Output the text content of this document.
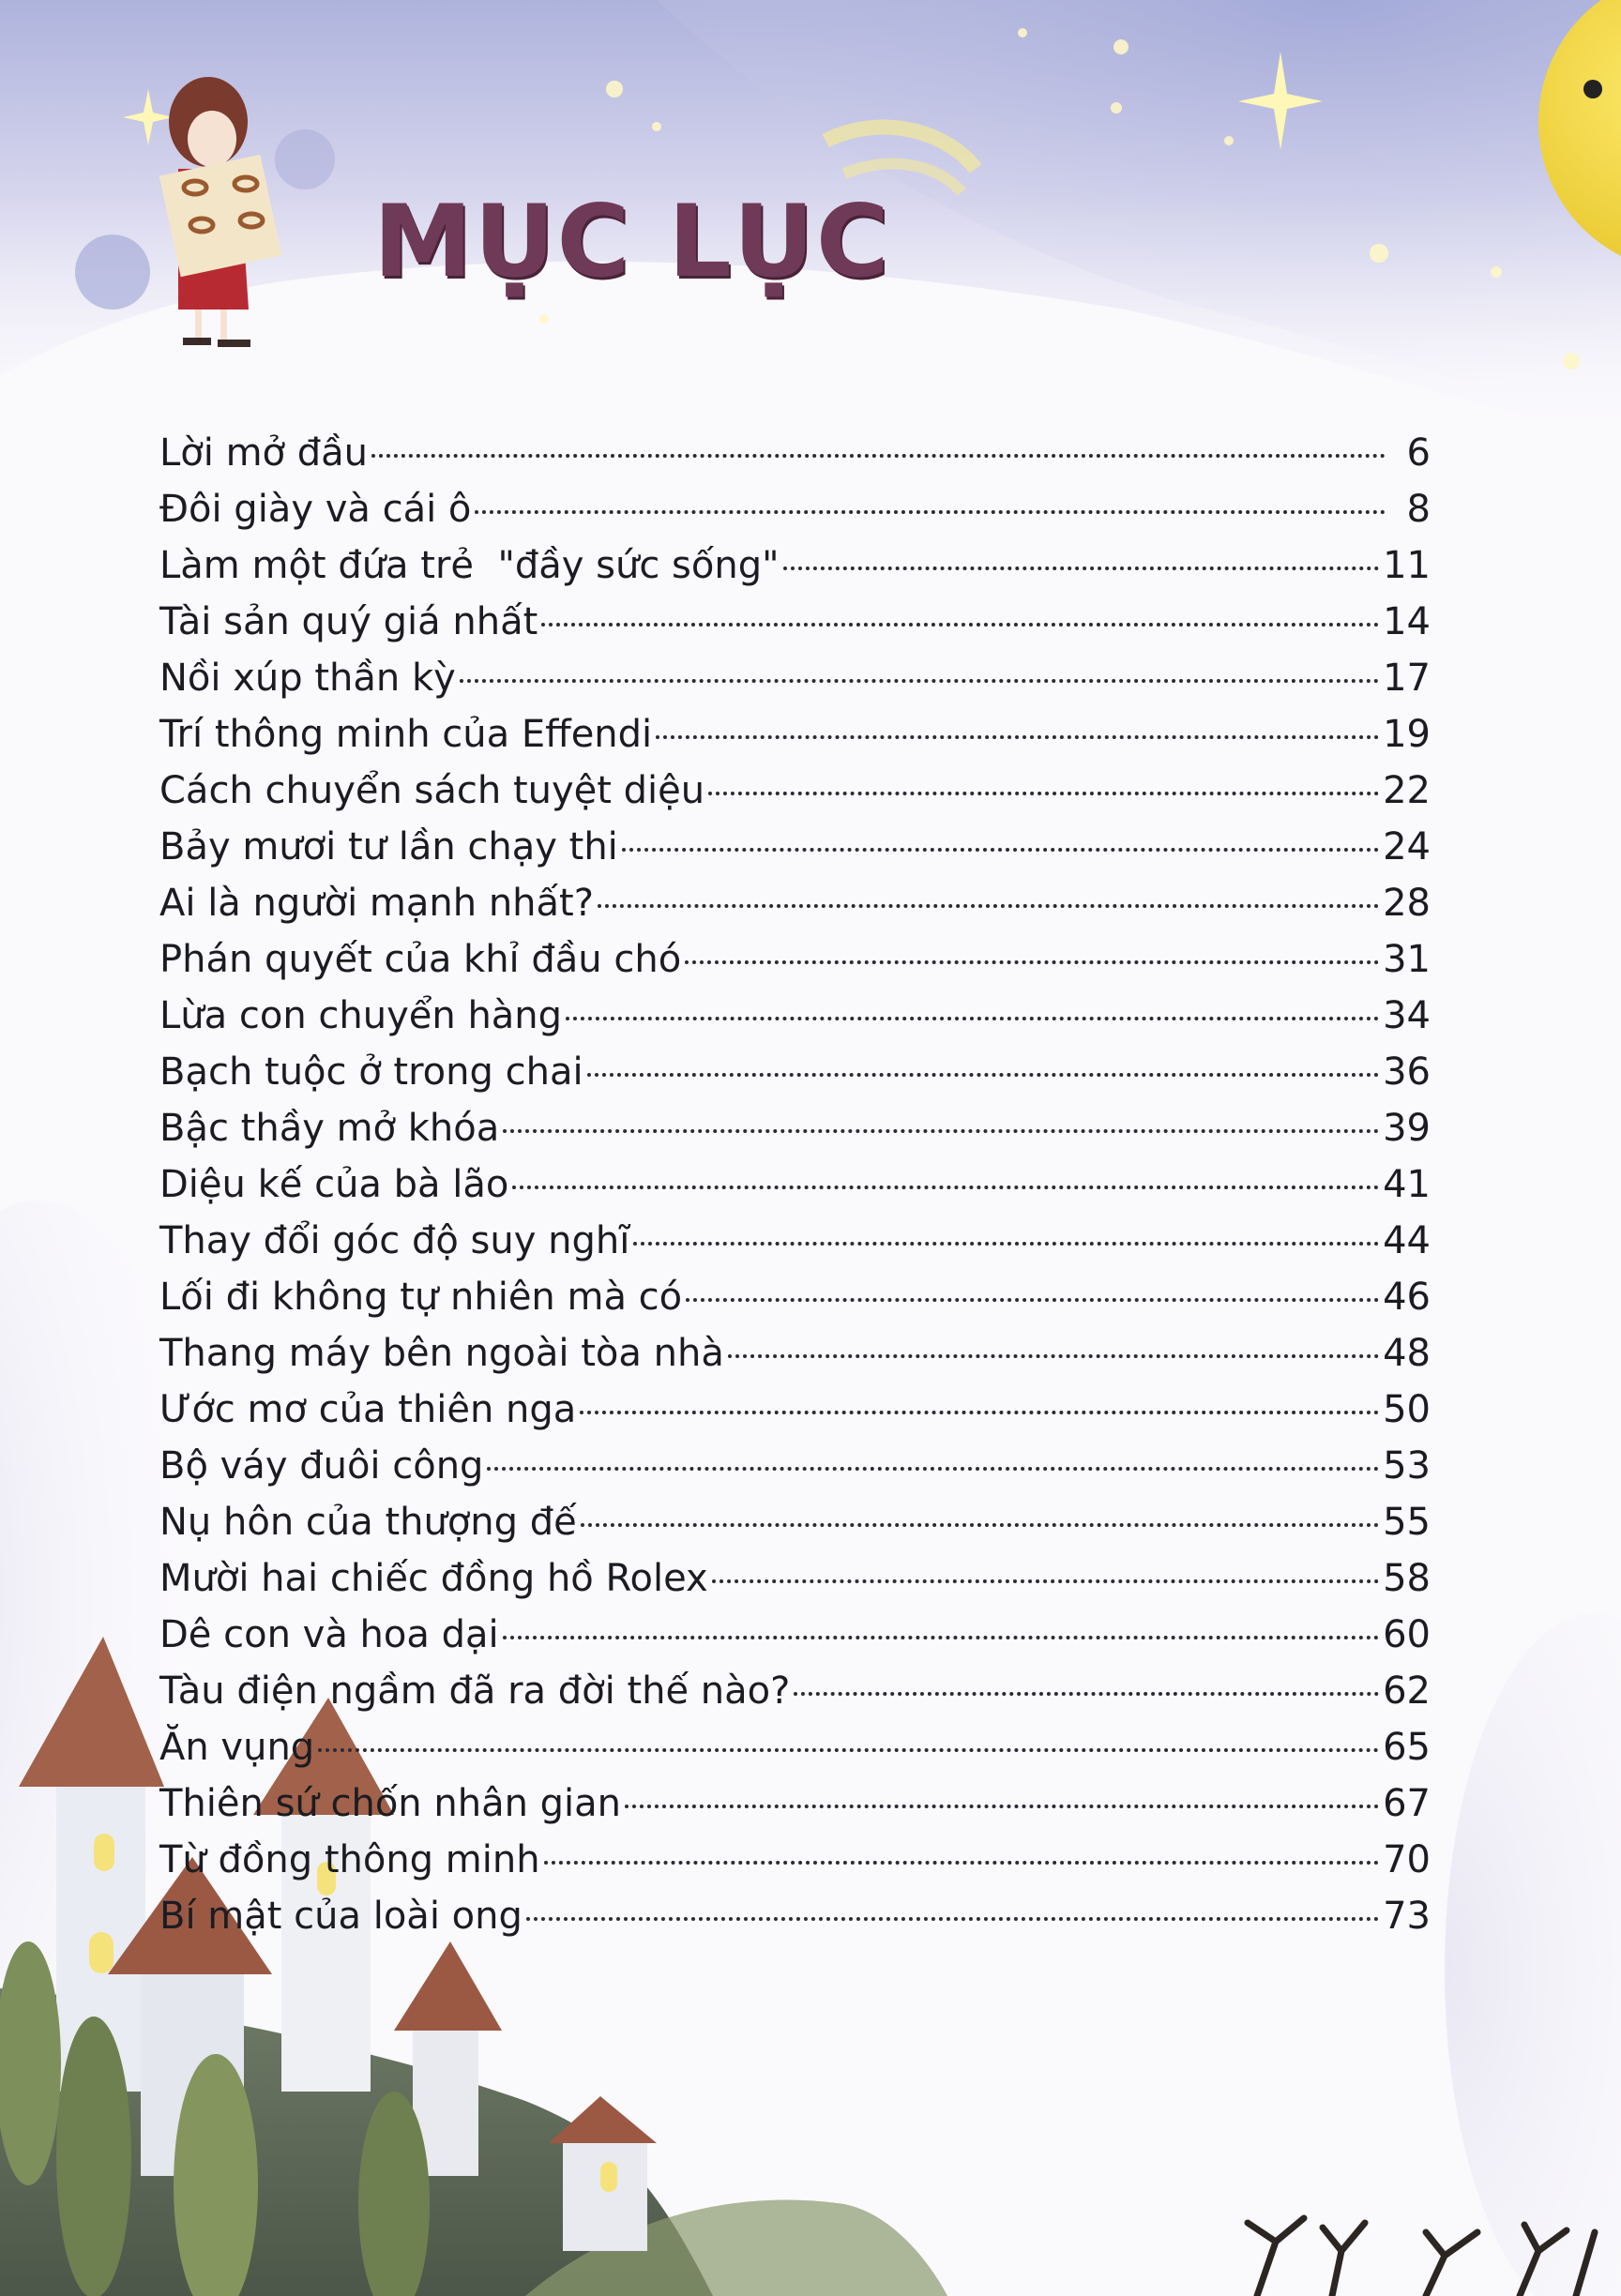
MỤC LỤC
Lời mở đầu	6
Đôi giày và cái ô	8
Làm một đứa trẻ  "đầy sức sống"	11
Tài sản quý giá nhất	14
Nồi xúp thần kỳ	17
Trí thông minh của Effendi	19
Cách chuyển sách tuyệt diệu	22
Bảy mươi tư lần chạy thi	24
Ai là người mạnh nhất?	28
Phán quyết của khỉ đầu chó	31
Lừa con chuyển hàng	34
Bạch tuộc ở trong chai	36
Bậc thầy mở khóa	39
Diệu kế của bà lão	41
Thay đổi góc độ suy nghĩ	44
Lối đi không tự nhiên mà có	46
Thang máy bên ngoài tòa nhà	48
Ước mơ của thiên nga	50
Bộ váy đuôi công	53
Nụ hôn của thượng đế	55
Mười hai chiếc đồng hồ Rolex	58
Dê con và hoa dại	60
Tàu điện ngầm đã ra đời thế nào?	62
Ăn vụng	65
Thiên sứ chốn nhân gian	67
Từ đồng thông minh	70
Bí mật của loài ong	73
